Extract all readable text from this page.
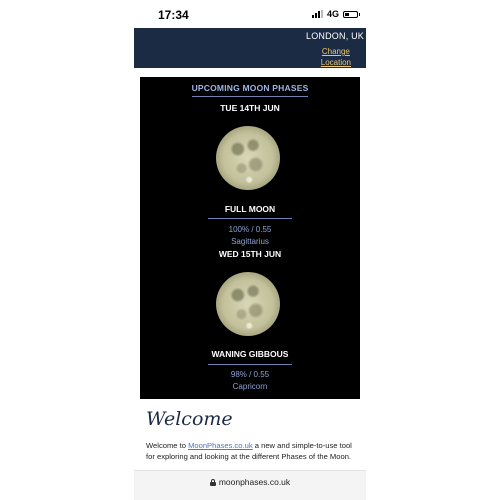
17:34	4G
LONDON, UK
Change
Location
UPCOMING MOON PHASES
TUE 14TH JUN
FULL MOON
100% / 0.55
Sagittarius
WED 15TH JUN
WANING GIBBOUS
98% / 0.55
Capricorn
Welcome
Welcome to MoonPhases.co.uk a new and simple-to-use tool for exploring and looking at the different Phases of the Moon.
moonphases.co.uk
